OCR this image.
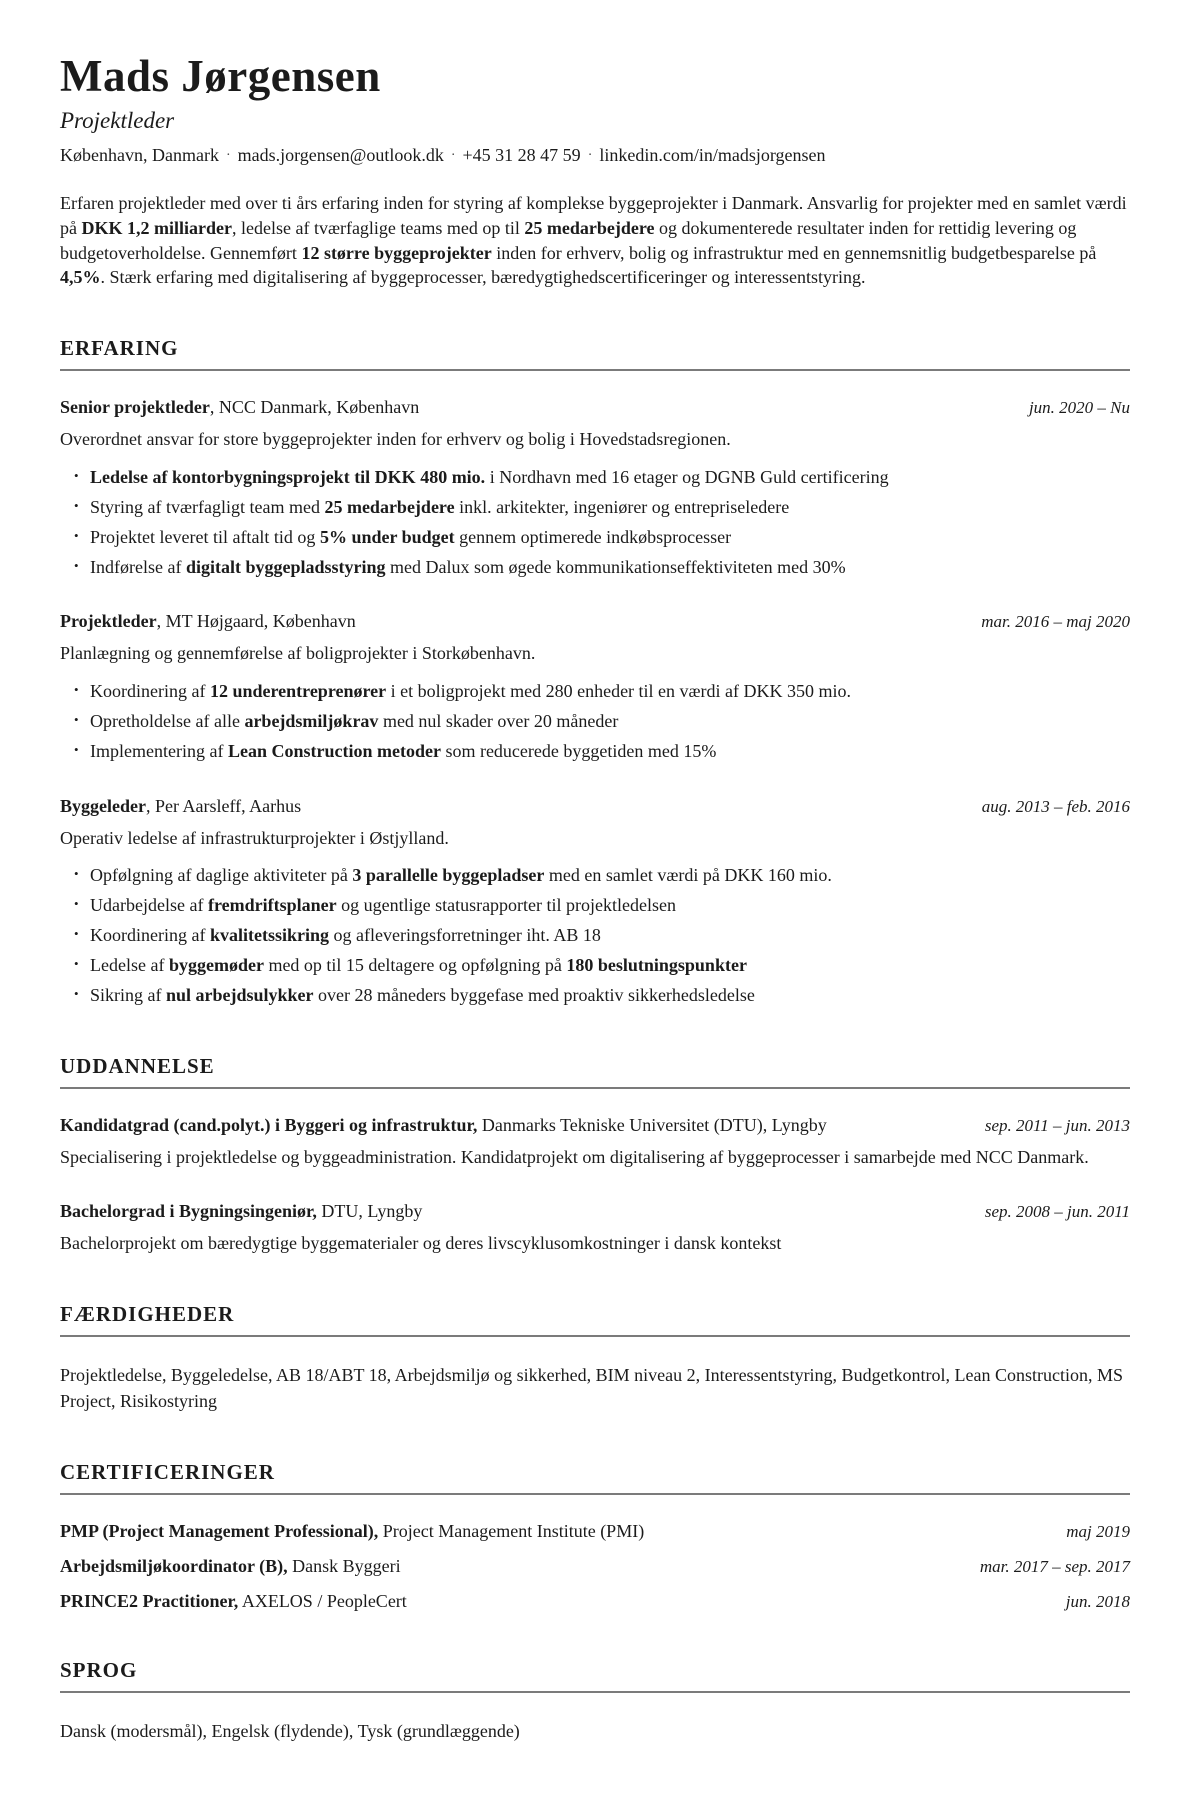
Mads Jørgensen
Projektleder
København, Danmark · mads.jorgensen@outlook.dk · +45 31 28 47 59 · linkedin.com/in/madsjorgensen

Erfaren projektleder med over ti års erfaring inden for styring af komplekse byggeprojekter i Danmark. Ansvarlig for projekter med en samlet værdi på DKK 1,2 milliarder, ledelse af tværfaglige teams med op til 25 medarbejdere og dokumenterede resultater inden for rettidig levering og budgetoverholdelse. Gennemført 12 større byggeprojekter inden for erhverv, bolig og infrastruktur med en gennemsnitlig budgetbesparelse på 4,5%. Stærk erfaring med digitalisering af byggeprocesser, bæredygtighedscertificeringer og interessentstyring.

ERFARING
Senior projektleder, NCC Danmark, København	jun. 2020 – Nu
Overordnet ansvar for store byggeprojekter inden for erhverv og bolig i Hovedstadsregionen.
• Ledelse af kontorbygningsprojekt til DKK 480 mio. i Nordhavn med 16 etager og DGNB Guld certificering
• Styring af tværfagligt team med 25 medarbejdere inkl. arkitekter, ingeniører og entrepriseledere
• Projektet leveret til aftalt tid og 5% under budget gennem optimerede indkøbsprocesser
• Indførelse af digitalt byggepladsstyring med Dalux som øgede kommunikationseffektiviteten med 30%
Projektleder, MT Højgaard, København	mar. 2016 – maj 2020
Planlægning og gennemførelse af boligprojekter i Storkøbenhavn.
• Koordinering af 12 underentreprenører i et boligprojekt med 280 enheder til en værdi af DKK 350 mio.
• Opretholdelse af alle arbejdsmiljøkrav med nul skader over 20 måneder
• Implementering af Lean Construction metoder som reducerede byggetiden med 15%
Byggeleder, Per Aarsleff, Aarhus	aug. 2013 – feb. 2016
Operativ ledelse af infrastrukturprojekter i Østjylland.
• Opfølgning af daglige aktiviteter på 3 parallelle byggepladser med en samlet værdi på DKK 160 mio.
• Udarbejdelse af fremdriftsplaner og ugentlige statusrapporter til projektledelsen
• Koordinering af kvalitetssikring og afleveringsforretninger iht. AB 18
• Ledelse af byggemøder med op til 15 deltagere og opfølgning på 180 beslutningspunkter
• Sikring af nul arbejdsulykker over 28 måneders byggefase med proaktiv sikkerhedsledelse
UDDANNELSE
Kandidatgrad (cand.polyt.) i Byggeri og infrastruktur, Danmarks Tekniske Universitet (DTU), Lyngby	sep. 2011 – jun. 2013
Specialisering i projektledelse og byggeadministration. Kandidatprojekt om digitalisering af byggeprocesser i samarbejde med NCC Danmark.
Bachelorgrad i Bygningsingeniør, DTU, Lyngby	sep. 2008 – jun. 2011
Bachelorprojekt om bæredygtige byggematerialer og deres livscyklusomkostninger i dansk kontekst
FÆRDIGHEDER

Projektledelse, Byggeledelse, AB 18/ABT 18, Arbejdsmiljø og sikkerhed, BIM niveau 2, Interessentstyring, Budgetkontrol, Lean Construction, MS Project, Risikostyring

CERTIFICERINGER
PMP (Project Management Professional), Project Management Institute (PMI)	maj 2019
Arbejdsmiljøkoordinator (B), Dansk Byggeri	mar. 2017 – sep. 2017
PRINCE2 Practitioner, AXELOS / PeopleCert	jun. 2018
SPROG

Dansk (modersmål), Engelsk (flydende), Tysk (grundlæggende)
